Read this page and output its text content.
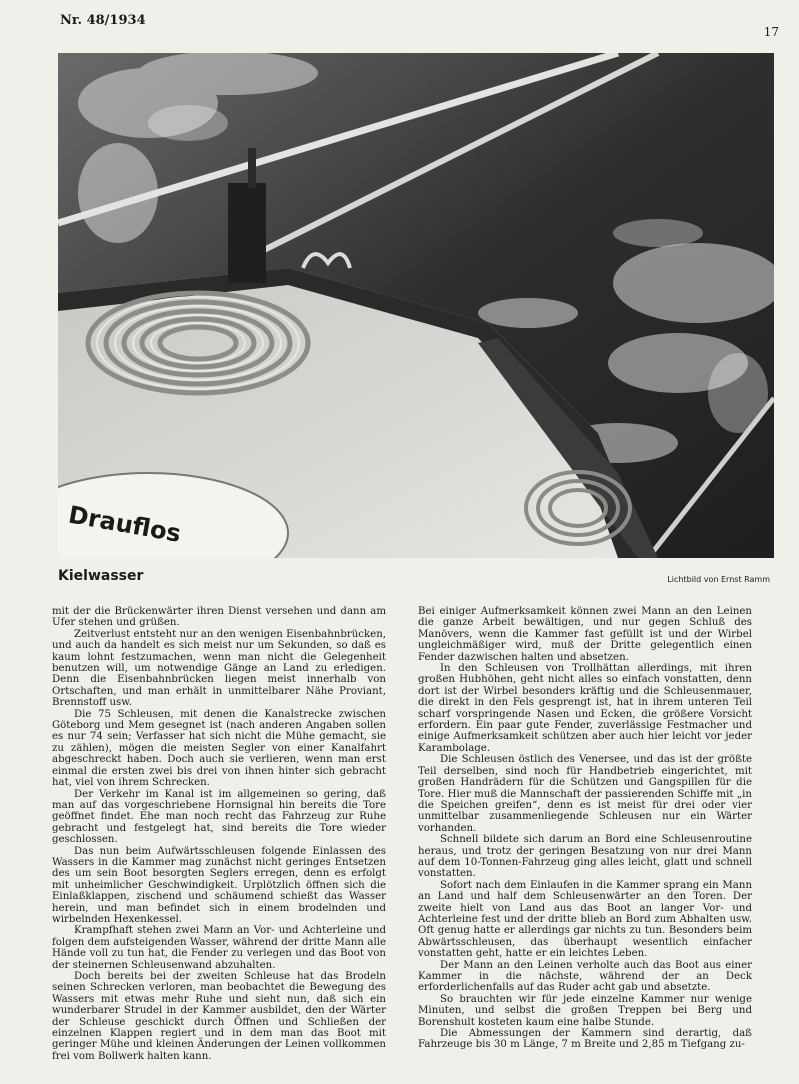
Nr. 48/1934
17
Drauflos
Kielwasser	Lichtbild von Ernst Ramm

mit der die Brückenwärter ihren Dienst versehen und dann am Ufer stehen und grüßen.

Zeitverlust entsteht nur an den wenigen Eisenbahnbrücken, und auch da handelt es sich meist nur um Sekunden, so daß es kaum lohnt festzumachen, wenn man nicht die Gelegenheit benutzen will, um notwendige Gänge an Land zu erledigen. Denn die Eisenbahnbrücken liegen meist innerhalb von Ortschaften, und man erhält in unmittelbarer Nähe Proviant, Brennstoff usw.

Die 75 Schleusen, mit denen die Kanalstrecke zwischen Göteborg und Mem gesegnet ist (nach anderen Angaben sollen es nur 74 sein; Verfasser hat sich nicht die Mühe gemacht, sie zu zählen), mögen die meisten Segler von einer Kanalfahrt abgeschreckt haben. Doch auch sie verlieren, wenn man erst einmal die ersten zwei bis drei von ihnen hinter sich gebracht hat, viel von ihrem Schrecken.

Der Verkehr im Kanal ist im allgemeinen so gering, daß man auf das vorgeschriebene Hornsignal hin bereits die Tore geöffnet findet. Ehe man noch recht das Fahrzeug zur Ruhe gebracht und festgelegt hat, sind bereits die Tore wieder geschlossen.

Das nun beim Aufwärtsschleusen folgende Einlassen des Wassers in die Kammer mag zunächst nicht geringes Entsetzen des um sein Boot besorgten Seglers erregen, denn es erfolgt mit unheimlicher Geschwindigkeit. Urplötzlich öffnen sich die Einlaßklappen, zischend und schäumend schießt das Wasser herein, und man befindet sich in einem brodelnden und wirbelnden Hexenkessel.

Krampfhaft stehen zwei Mann an Vor- und Achterleine und folgen dem aufsteigenden Wasser, während der dritte Mann alle Hände voll zu tun hat, die Fender zu verlegen und das Boot von der steinernen Schleusenwand abzuhalten.

Doch bereits bei der zweiten Schleuse hat das Brodeln seinen Schrecken verloren, man beobachtet die Bewegung des Wassers mit etwas mehr Ruhe und sieht nun, daß sich ein wunderbarer Strudel in der Kammer ausbildet, den der Wärter der Schleuse geschickt durch Öffnen und Schließen der einzelnen Klappen regiert und in dem man das Boot mit geringer Mühe und kleinen Änderungen der Leinen vollkommen frei vom Bollwerk halten kann.

Bei einiger Aufmerksamkeit können zwei Mann an den Leinen die ganze Arbeit bewältigen, und nur gegen Schluß des Manövers, wenn die Kammer fast gefüllt ist und der Wirbel ungleichmäßiger wird, muß der Dritte gelegentlich einen Fender dazwischen halten und absetzen.

In den Schleusen von Trollhättan allerdings, mit ihren großen Hubhöhen, geht nicht alles so einfach vonstatten, denn dort ist der Wirbel besonders kräftig und die Schleusenmauer, die direkt in den Fels gesprengt ist, hat in ihrem unteren Teil scharf vorspringende Nasen und Ecken, die größere Vorsicht erfordern. Ein paar gute Fender, zuverlässige Festmacher und einige Aufmerksamkeit schützen aber auch hier leicht vor jeder Karambolage.

Die Schleusen östlich des Venersee, und das ist der größte Teil derselben, sind noch für Handbetrieb eingerichtet, mit großen Handrädern für die Schützen und Gangspillen für die Tore. Hier muß die Mannschaft der passierenden Schiffe mit „in die Speichen greifen“, denn es ist meist für drei oder vier unmittelbar zusammenliegende Schleusen nur ein Wärter vorhanden.

Schnell bildete sich darum an Bord eine Schleusenroutine heraus, und trotz der geringen Besatzung von nur drei Mann auf dem 10-Tonnen-Fahrzeug ging alles leicht, glatt und schnell vonstatten.

Sofort nach dem Einlaufen in die Kammer sprang ein Mann an Land und half dem Schleusenwärter an den Toren. Der zweite hielt von Land aus das Boot an langer Vor- und Achterleine fest und der dritte blieb an Bord zum Abhalten usw. Oft genug hatte er allerdings gar nichts zu tun. Besonders beim Abwärtsschleusen, das überhaupt wesentlich einfacher vonstatten geht, hatte er ein leichtes Leben.

Der Mann an den Leinen verholte auch das Boot aus einer Kammer in die nächste, während der an Deck erforderlichenfalls auf das Ruder acht gab und absetzte.

So brauchten wir für jede einzelne Kammer nur wenige Minuten, und selbst die großen Treppen bei Berg und Borenshult kosteten kaum eine halbe Stunde.

Die Abmessungen der Kammern sind derartig, daß Fahrzeuge bis 30 m Länge, 7 m Breite und 2,85 m Tiefgang zu-
